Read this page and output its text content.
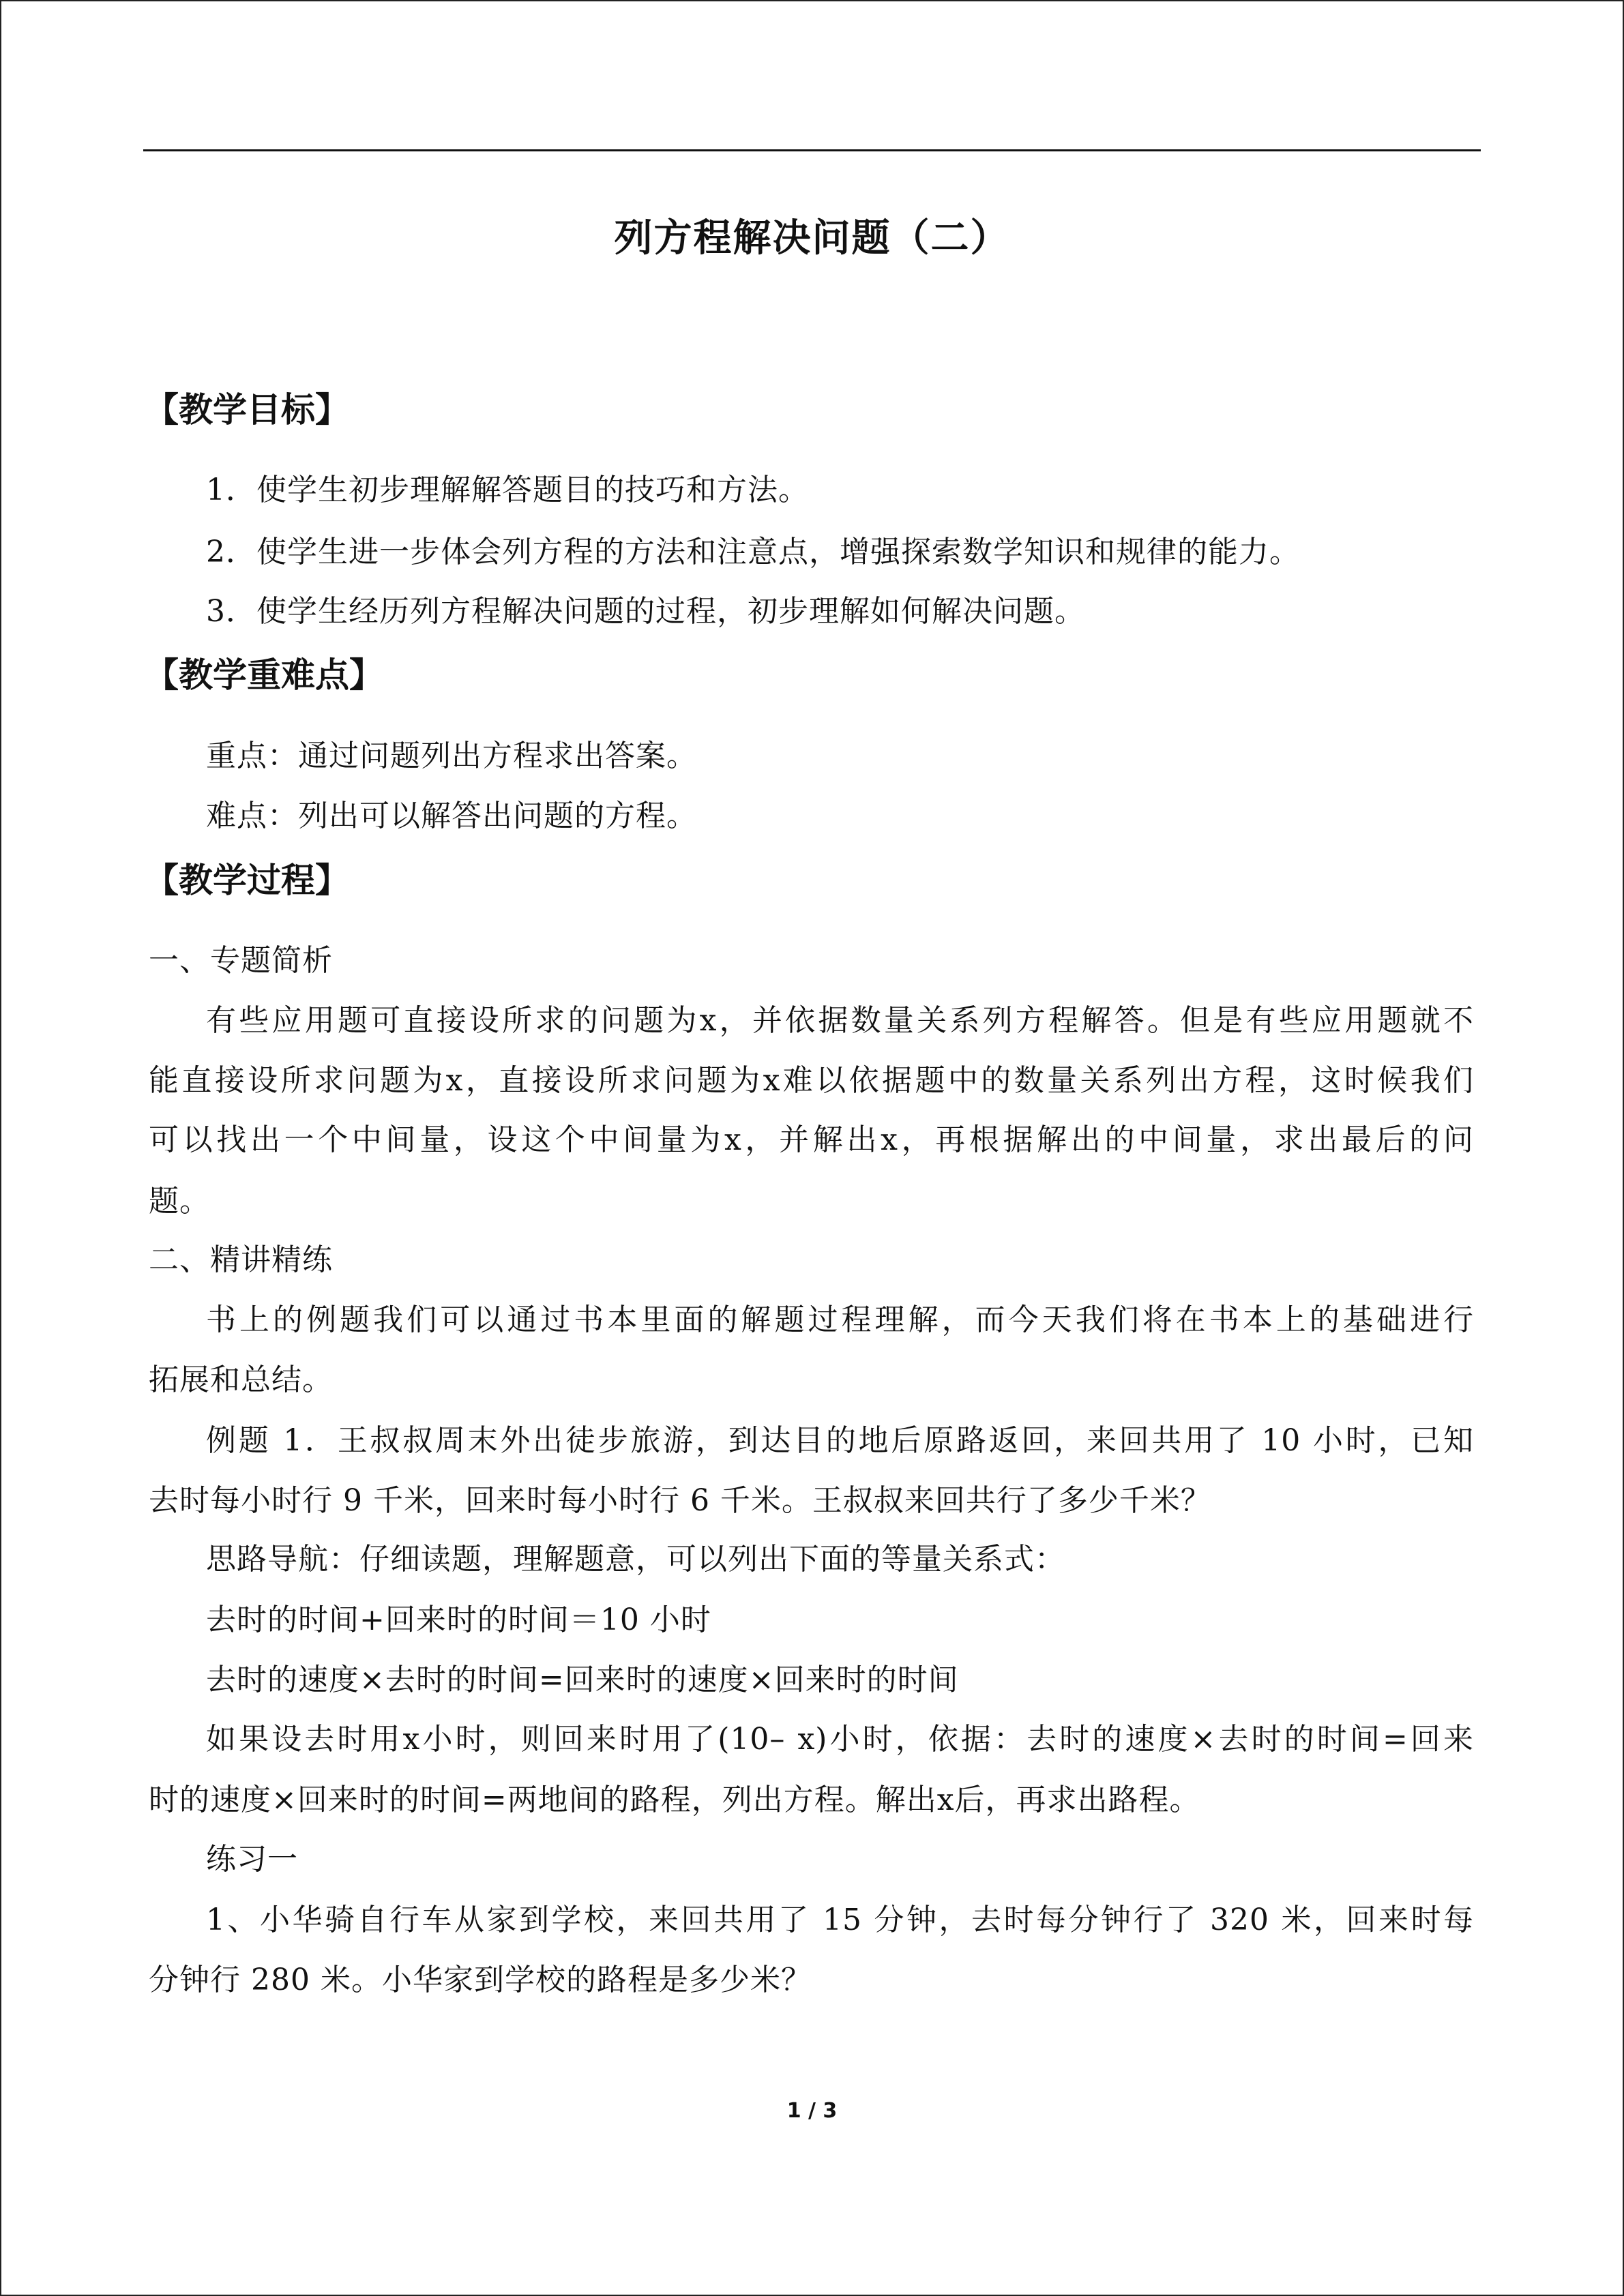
列方程解决问题（二）
【教学目标】
1．使学生初步理解解答题目的技巧和方法。
2．使学生进一步体会列方程的方法和注意点，增强探索数学知识和规律的能力。
3．使学生经历列方程解决问题的过程，初步理解如何解决问题。
【教学重难点】
重点：通过问题列出方程求出答案。
难点：列出可以解答出问题的方程。
【教学过程】
一、专题简析
有些应用题可直接设所求的问题为x，并依据数量关系列方程解答。但是有些应用题就不
能直接设所求问题为x，直接设所求问题为x难以依据题中的数量关系列出方程，这时候我们
可以找出一个中间量，设这个中间量为x，并解出x，再根据解出的中间量，求出最后的问
题。
二、精讲精练
书上的例题我们可以通过书本里面的解题过程理解，而今天我们将在书本上的基础进行
拓展和总结。
例题 1．王叔叔周末外出徒步旅游，到达目的地后原路返回，来回共用了 10 小时，已知
去时每小时行 9 千米，回来时每小时行 6 千米。王叔叔来回共行了多少千米？
思路导航：仔细读题，理解题意，可以列出下面的等量关系式：
去时的时间+回来时的时间＝10 小时
去时的速度×去时的时间=回来时的速度×回来时的时间
如果设去时用x小时，则回来时用了(10– x)小时，依据：去时的速度×去时的时间=回来
时的速度×回来时的时间=两地间的路程，列出方程。解出x后，再求出路程。
练习一
1、小华骑自行车从家到学校，来回共用了 15 分钟，去时每分钟行了 320 米，回来时每
分钟行 280 米。小华家到学校的路程是多少米？
1 / 3
